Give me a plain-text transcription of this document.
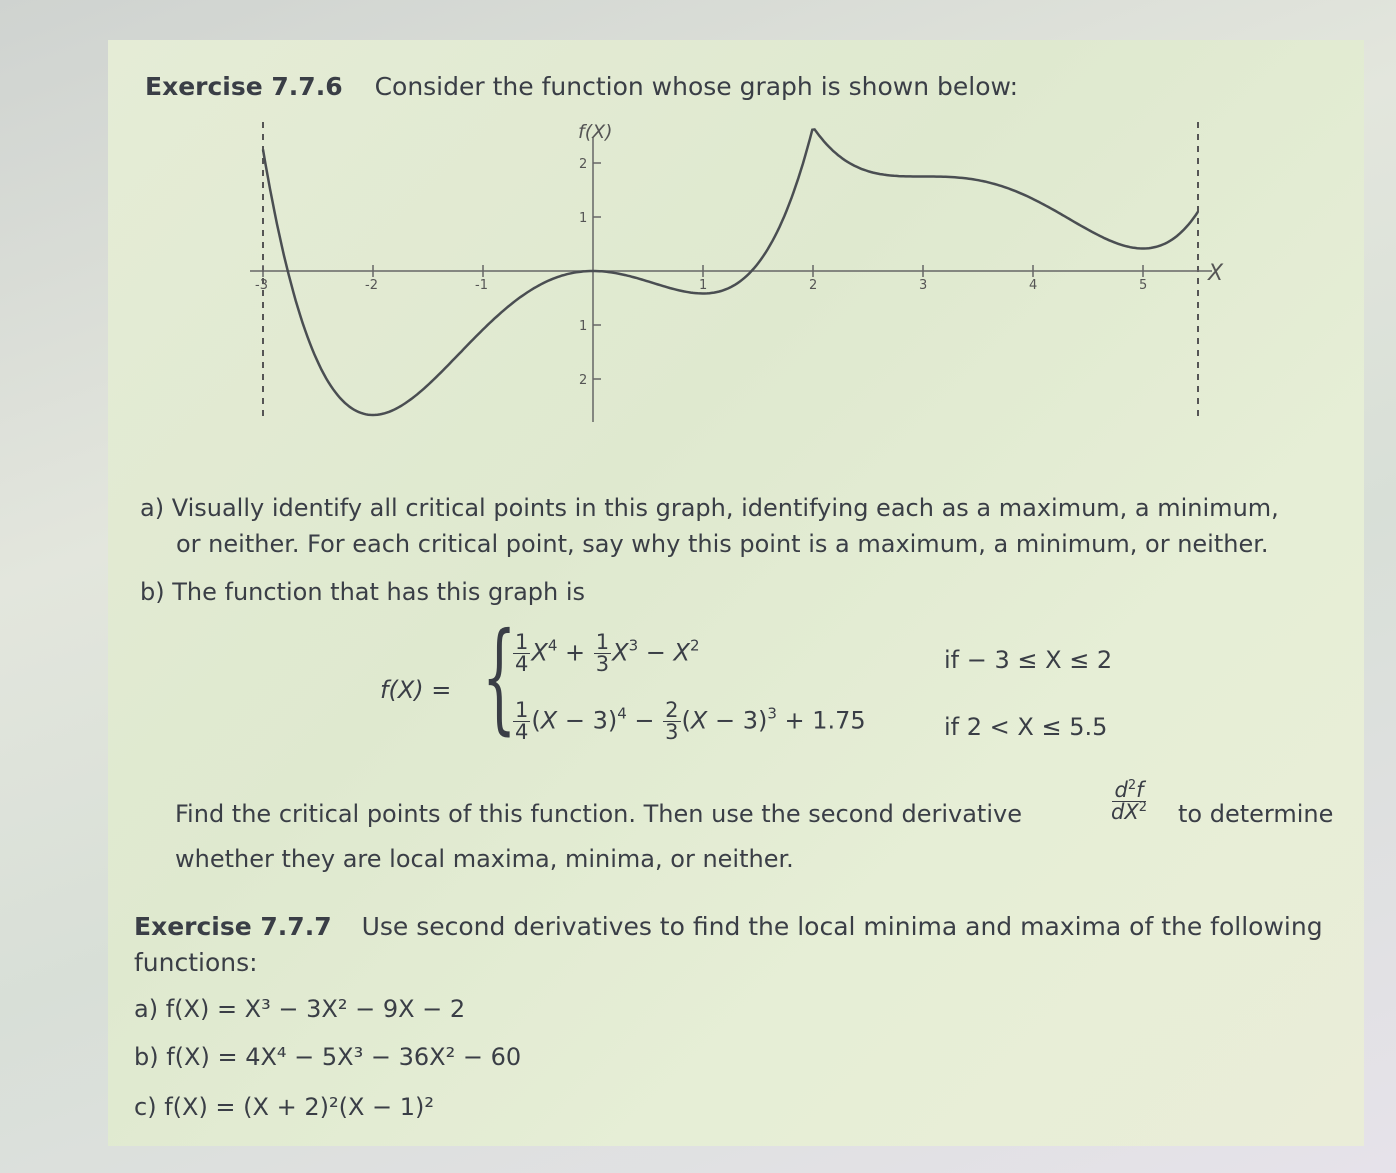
Exercise 7.7.6 Consider the function whose graph is shown below:
-3	-2	-1	1	2	3	4	5
2
1
1
2
f(X)
X
a) Visually identify all critical points in this graph, identifying each as a maximum, a minimum,
or neither. For each critical point, say why this point is a maximum, a minimum, or neither.
b) The function that has this graph is
f(X) = {
$\frac{1}{4} X^4 + \frac{1}{3} X^3 - X^2$
if − 3 ≤ X ≤ 2
$\frac{1}{4} (X - 3)^4 - \frac{2}{3} (X - 3)^3 + 1.75$	if 2 < X ≤ 5.5
Find the critical points of this function. Then use the second derivative	$\frac{d^2f}{dX^2}$ to determine
whether they are local maxima, minima, or neither.
Exercise 7.7.7 Use second derivatives to find the local minima and maxima of the following
functions:
a) f(X) = X³ − 3X² − 9X − 2
b) f(X) = 4X⁴ − 5X³ − 36X² − 60
c) f(X) = (X + 2)²(X − 1)²
